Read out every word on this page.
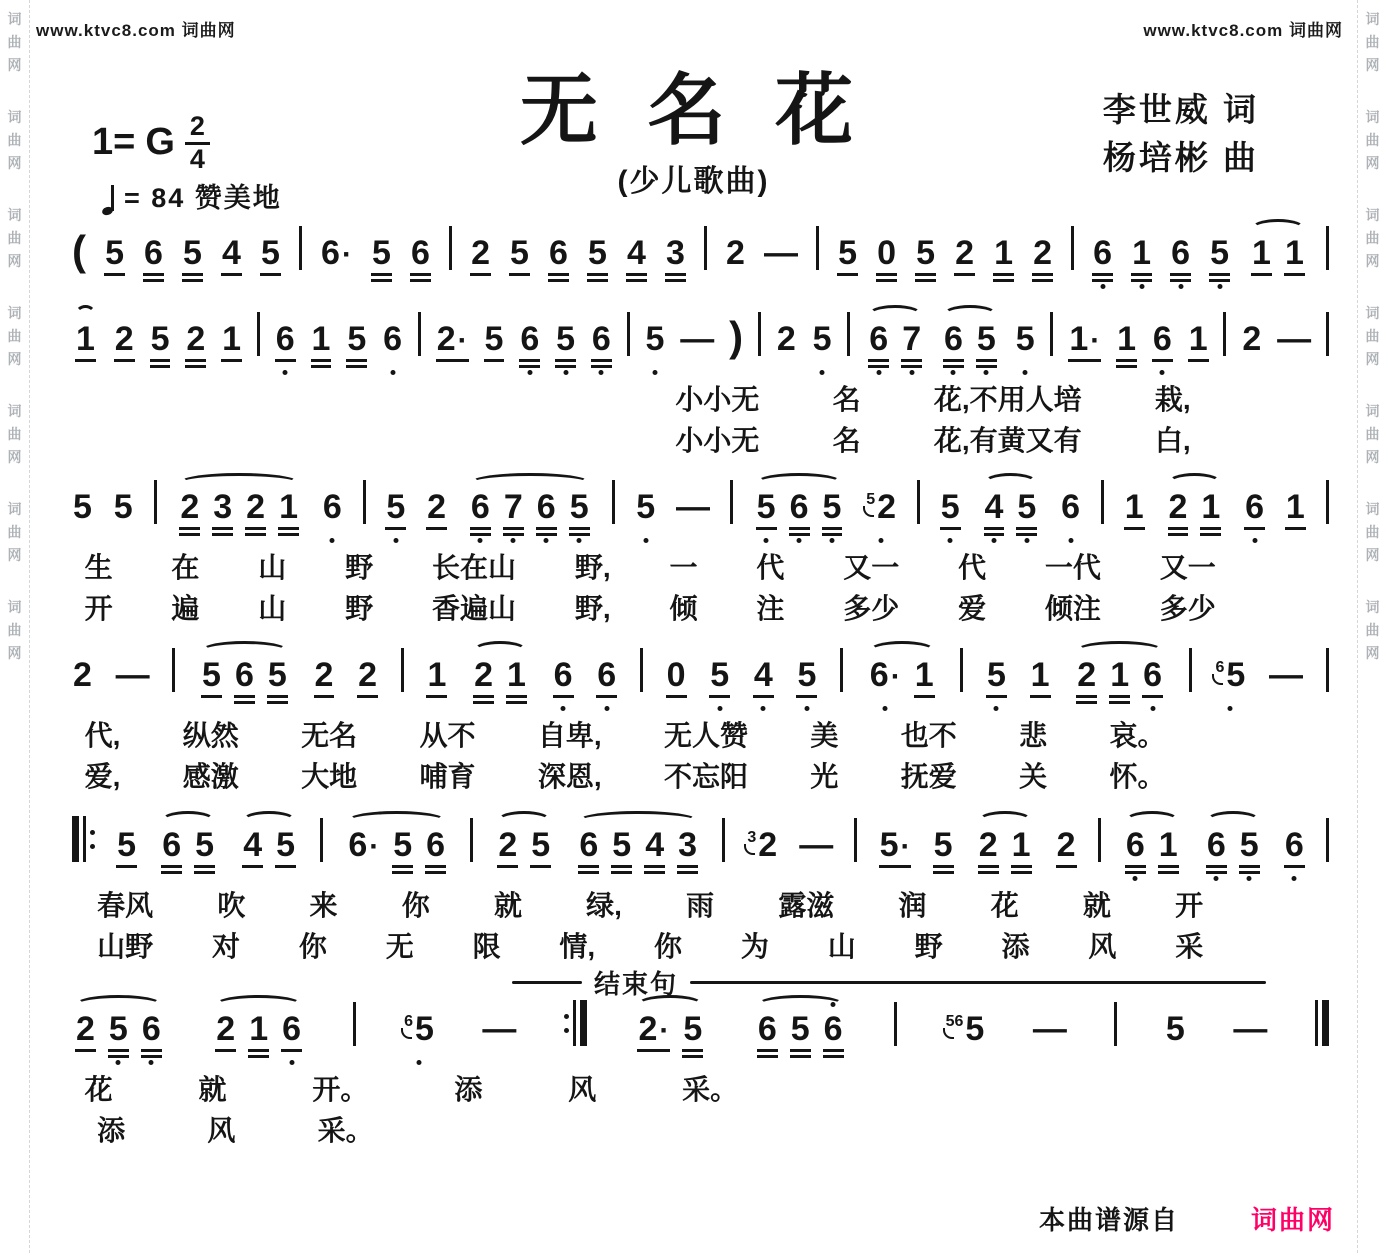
词
曲
网
词
曲
网
词
曲
网
词
曲
网
词
曲
网
词
曲
网
词
曲
网
词
曲
网
词
曲
网
词
曲
网
词
曲
网
词
曲
网
词
曲
网
词
曲
网
www.ktvc8.com 词曲网	www.ktvc8.com 词曲网
无 名 花
(少儿歌曲)
李世威 词
杨培彬 曲
1= G $\frac{2}{4}$
= 84 赞美地
( 5 6 5 4 5 6· 5 6 2 5 6 5 4 3 2 — 5 0 5 2 1 2 6 1 6 5 1 1
1 2 5 2 1 6 1 5 6 2· 5 6 5 6 5 — ) 2 5 6 7 6 5 5 1· 1 6 1 2 —
小小无	名	花,不用人培	栽,
小小无	名	花,有黄又有	白,
5 5 2 3 2 1 6 5 2 6 7 6 5 5 — 5 6 5 52 5 4 5 6 1 2 1 6 1
生 在 山 野 长在山 野, 一 代 又一 代 一代 又一
开 遍 山 野 香遍山 野, 倾 注 多少 爱 倾注 多少
2 — 5 6 5 2 2 1 2 1 6 6 0 5 4 5 6· 1 5 1 2 1 6	65 —
代, 纵然 无名 从不 自卑, 无人赞 美 也不 悲 哀。
爱, 感激 大地 哺育 深恩, 不忘阳 光 抚爱 关 怀。
5 6 5 4 5 6· 5 6 2 5 6 5 4 3	32 — 5· 5 2 1 2 6 1 6 5 6
春风 吹 来 你 就 绿, 雨 露滋 润 花 就 开
山野 对 你 无 限 情, 你 为 山 野 添 风 采
结束句
2 5 6 2 1 6	65 —	2· 5 6 5 6	565 —	5 —
花	就	开。	添	风	采。
添	风	采。
本曲谱源自	词曲网
